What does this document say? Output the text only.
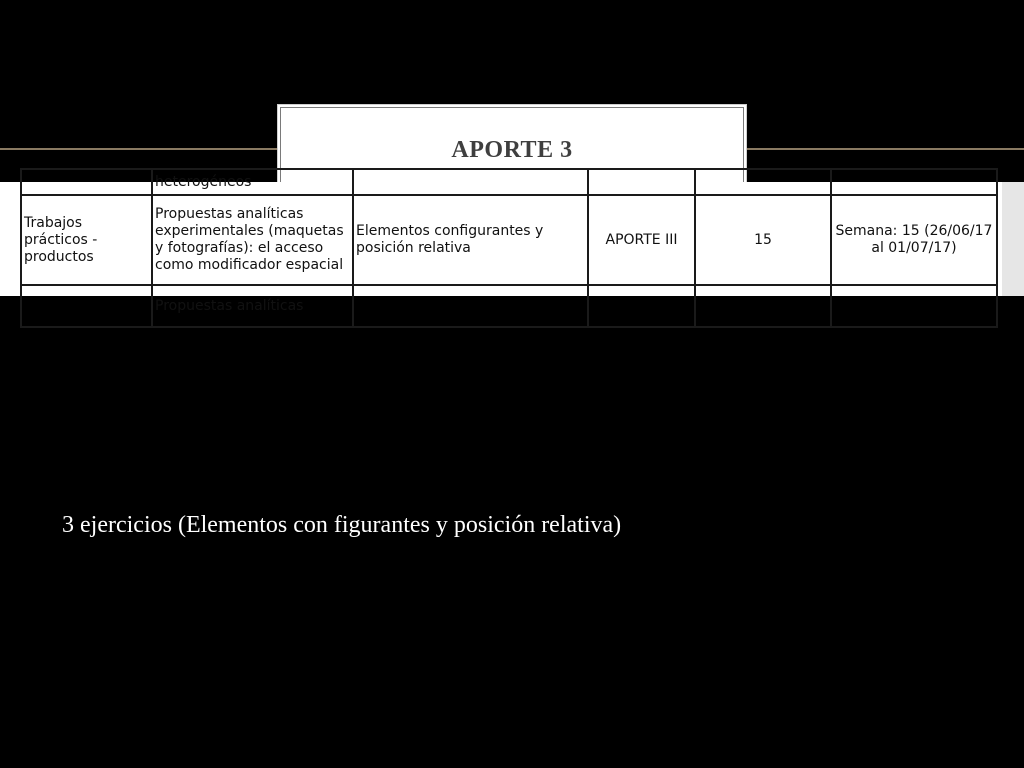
APORTE 3
	heterogéneos				
Trabajos prácticos - productos	Propuestas analíticas experimentales (maquetas y fotografías): el acceso como modificador espacial	Elementos configurantes y posición relativa	APORTE III	15	Semana: 15 (26/06/17 al 01/07/17)
	Propuestas analíticas				
3 ejercicios (Elementos con figurantes y posición relativa)
